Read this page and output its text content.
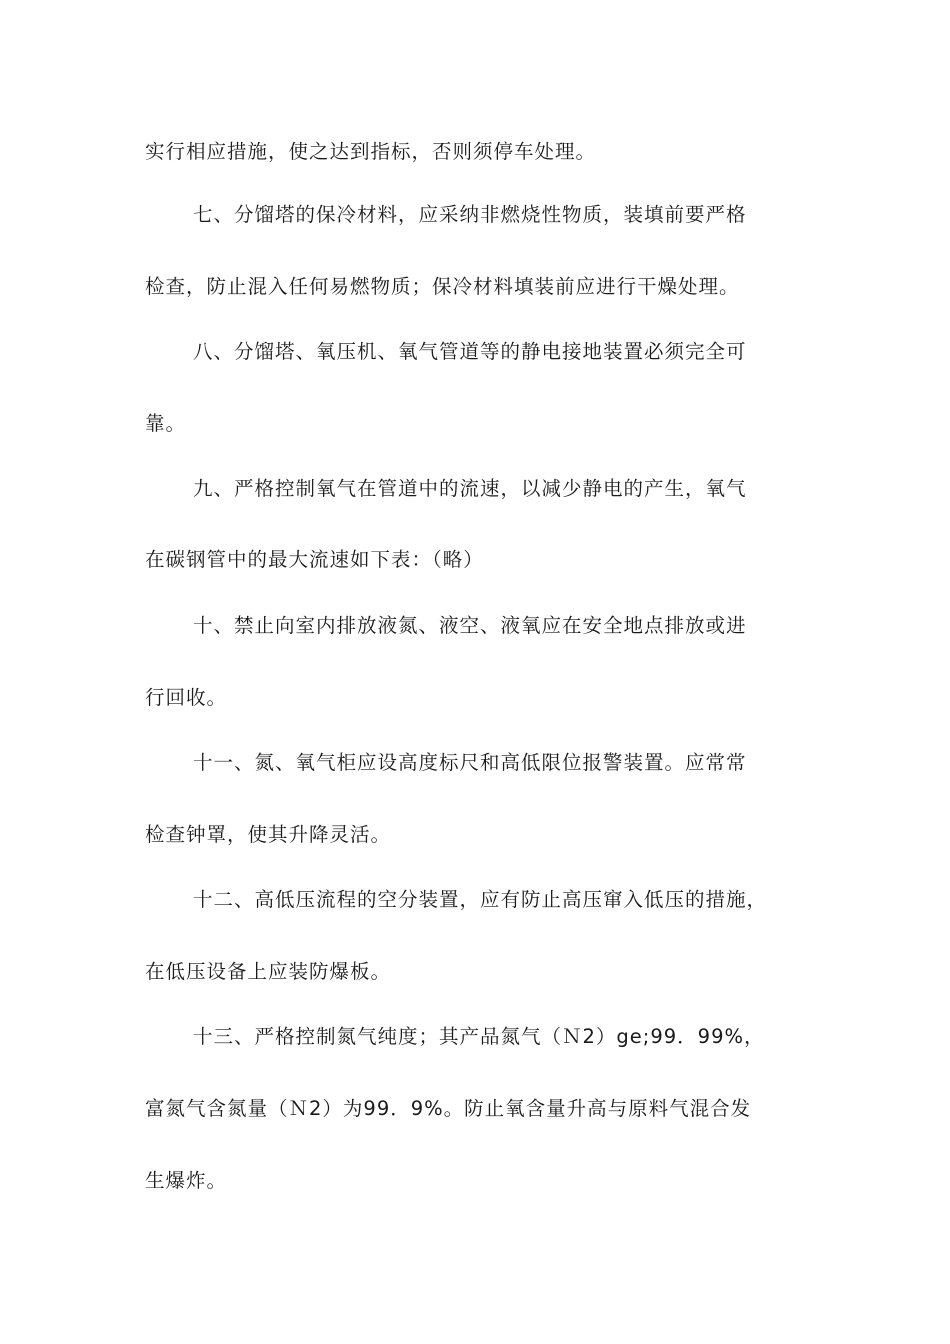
实行相应措施，使之达到指标，否则须停车处理。

七、分馏塔的保冷材料，应采纳非燃烧性物质，装填前要严格

检查，防止混入任何易燃物质；保冷材料填装前应进行干燥处理。

八、分馏塔、氧压机、氧气管道等的静电接地装置必须完全可

靠。

九、严格控制氧气在管道中的流速，以减少静电的产生，氧气

在碳钢管中的最大流速如下表：（略）

十、禁止向室内排放液氮、液空、液氧应在安全地点排放或进

行回收。

十一、氮、氧气柜应设高度标尺和高低限位报警装置。应常常

检查钟罩，使其升降灵活。

十二、高低压流程的空分装置，应有防止高压窜入低压的措施，

在低压设备上应装防爆板。

十三、严格控制氮气纯度；其产品氮气（Ｎ2）ge;99．99%，

富氮气含氮量（Ｎ2）为99．9%。防止氧含量升高与原料气混合发

生爆炸。
